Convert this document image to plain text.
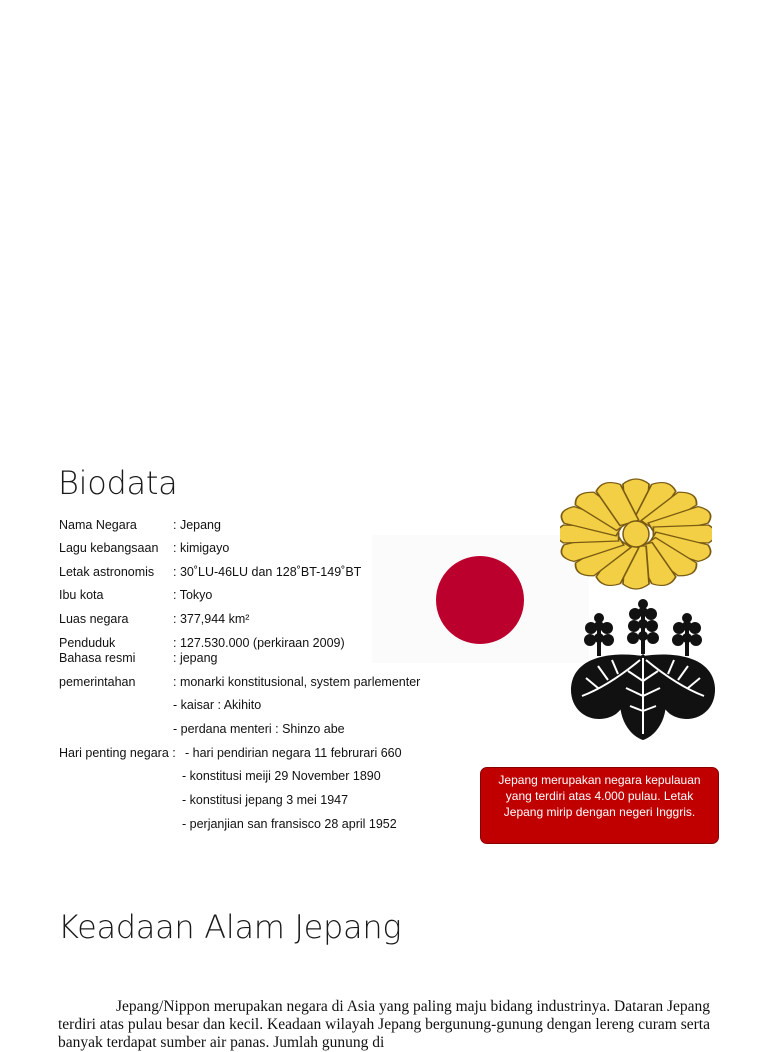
Biodata
Nama Negara	: Jepang
Lagu kebangsaan : kimigayo
Letak astronomis : 30˚LU-46LU dan 128˚BT-149˚BT
Ibu kota	: Tokyo
Luas negara	: 377,944 km²
Penduduk	: 127.530.000 (perkiraan 2009)
Bahasa resmi	: jepang
pemerintahan	: monarki konstitusional, system parlementer
- kaisar : Akihito
- perdana menteri : Shinzo abe
Hari penting negara : - hari pendirian negara 11 februrari 660
- konstitusi meiji 29 November 1890
- konstitusi jepang 3 mei 1947
- perjanjian san fransisco 28 april 1952
Jepang merupakan negara kepulauan yang terdiri atas 4.000 pulau. Letak Jepang mirip dengan negeri Inggris.
Keadaan Alam Jepang

Jepang/Nippon merupakan negara di Asia yang paling maju bidang industrinya. Dataran Jepang terdiri atas pulau besar dan kecil. Keadaan wilayah Jepang bergunung-gunung dengan lereng curam serta banyak terdapat sumber air panas. Jumlah gunung di
